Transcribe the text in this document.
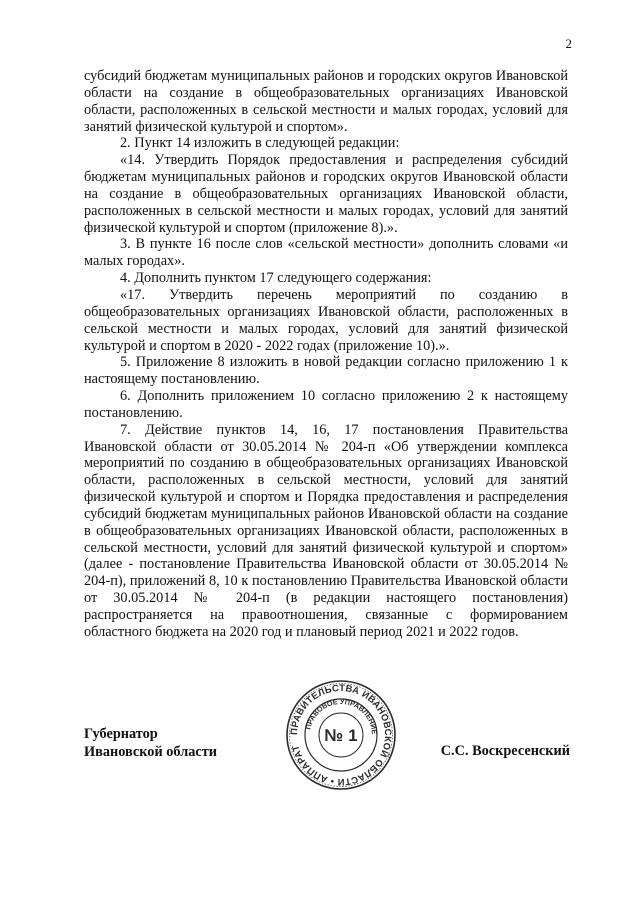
2

субсидий бюджетам муниципальных районов и городских округов Ивановской области на создание в общеобразовательных организациях Ивановской области, расположенных в сельской местности и малых городах, условий для занятий физической культурой и спортом».

2. Пункт 14 изложить в следующей редакции:

«14. Утвердить Порядок предоставления и распределения субсидий бюджетам муниципальных районов и городских округов Ивановской области на создание в общеобразовательных организациях Ивановской области, расположенных в сельской местности и малых городах, условий для занятий физической культурой и спортом (приложение 8).».

3. В пункте 16 после слов «сельской местности» дополнить словами «и малых городах».

4. Дополнить пунктом 17 следующего содержания:

«17. Утвердить перечень мероприятий по созданию в общеобразовательных организациях Ивановской области, расположенных в сельской местности и малых городах, условий для занятий физической культурой и спортом в 2020 - 2022 годах (приложение 10).».

5. Приложение 8 изложить в новой редакции согласно приложению 1 к настоящему постановлению.

6. Дополнить приложением 10 согласно приложению 2 к настоящему постановлению.

7. Действие пунктов 14, 16, 17 постановления Правительства Ивановской области от 30.05.2014 № 204-п «Об утверждении комплекса мероприятий по созданию в общеобразовательных организациях Ивановской области, расположенных в сельской местности, условий для занятий физической культурой и спортом и Порядка предоставления и распределения субсидий бюджетам муниципальных районов Ивановской области на создание в общеобразовательных организациях Ивановской области, расположенных в сельской местности, условий для занятий физической культурой и спортом» (далее - постановление Правительства Ивановской области от 30.05.2014 № 204-п), приложений 8, 10 к постановлению Правительства Ивановской области от 30.05.2014 № 204-п (в редакции настоящего постановления) распространяется на правоотношения, связанные с формированием областного бюджета на 2020 год и плановый период 2021 и 2022 годов.

Губернатор
Ивановской области
ПРАВИТЕЛЬСТВА ИВАНОВСКОЙ ОБЛАСТИ • АППАРАТ
ПРАВОВОЕ УПРАВЛЕНИЕ
№ 1
С.С. Воскресенский
